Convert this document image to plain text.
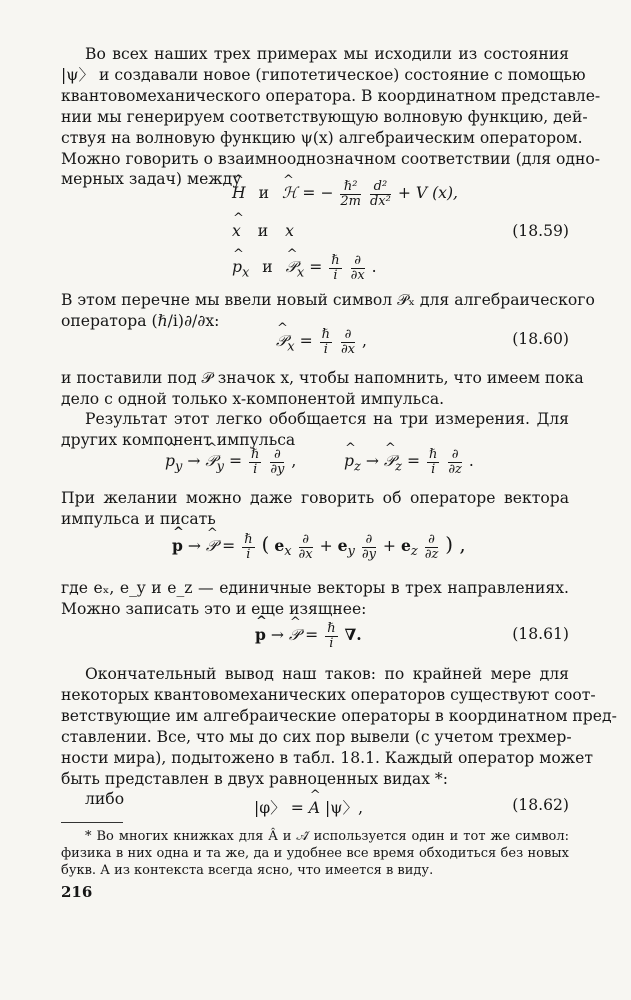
Во всех наших трех примерах мы исходили из состояния
|ψ〉 и создавали новое (гипотетическое) состояние с помощью
квантовомеханического оператора. В координатном представле-
нии мы генерируем соответствующую волновую функцию, дей-
ствуя на волновую функцию ψ(x) алгебраическим оператором.
Можно говорить о взаимнооднозначном соответствии (для одно-
мерных задач) между
^ H и ^ ℋ = − $\frac{\text{ℏ²}}{2m}$
$\frac{\text{d²}}{\text{dx²}} + V$ (x),
^ x и x	(18.59)
^ $p_x$ и ^ 𝒫$_x$ = $\frac{\text{ℏ}}{i}$
$\frac{\partial}{\partial x}$ .
В этом перечне мы ввели новый символ 𝒫ₓ для алгебраического
оператора (ℏ/i)∂/∂x:
^ 𝒫$_x$ = $\frac{\text{ℏ}}{i}$
$\frac{\partial}{\partial x}$ ,	(18.60)
и поставили под 𝒫 значок x, чтобы напомнить, что имеем пока
дело с одной только x-компонентой импульса.
Результат этот легко обобщается на три измерения. Для
других компонент импульса
^ $p_y$ → ^ 𝒫$_y$ = $\frac{\text{ℏ}}{i}$
$\frac{\partial}{\partial y}$ ,	^ $p_z$ → ^ 𝒫$_z$ = $\frac{\text{ℏ}}{i}$
$\frac{\partial}{\partial z}$ .
При желании можно даже говорить об операторе вектора
импульса и писать
^ p → ^ 𝒫 = $\frac{\text{ℏ}}{i}$ ( $e_x \frac{\partial}{\partial x} + e_y \frac{\partial}{\partial y} + e_z \frac{\partial}{\partial z}$ ) ,
где eₓ, e_y и e_z — единичные векторы в трех направлениях.
Можно записать это и еще изящнее:
^ p → ^ 𝒫 = $\frac{\text{ℏ}}{i}$ ∇.	(18.61)
Окончательный вывод наш таков: по крайней мере для
некоторых квантовомеханических операторов существуют соот-
ветствующие им алгебраические операторы в координатном пред-
ставлении. Все, что мы до сих пор вывели (с учетом трехмер-
ности мира), подытожено в табл. 18.1. Каждый оператор может
быть представлен в двух равноценных видах *:
либо	|φ〉 = ^ A |ψ〉,	(18.62)
* Во многих книжках для Â и 𝒜̂ используется один и тот же символ:
физика в них одна и та же, да и удобнее все время обходиться без новых
букв. А из контекста всегда ясно, что имеется в виду.
216
